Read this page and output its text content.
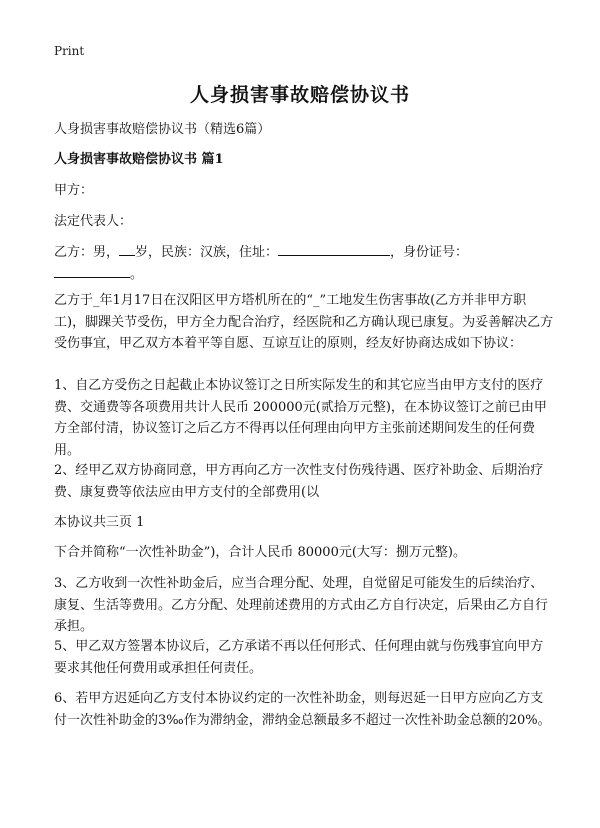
Print
人身损害事故赔偿协议书

人身损害事故赔偿协议书（精选6篇）

人身损害事故赔偿协议书 篇1

甲方：

法定代表人：

乙方：男， 岁，民族：汉族，住址：	，身份证号：
。

乙方于_年1月17日在汉阳区甲方塔机所在的“_”工地发生伤害事故(乙方并非甲方职工)，脚踝关节受伤，甲方全力配合治疗，经医院和乙方确认现已康复。为妥善解决乙方受伤事宜，甲乙双方本着平等自愿、互谅互让的原则，经友好协商达成如下协议：

1、自乙方受伤之日起截止本协议签订之日所实际发生的和其它应当由甲方支付的医疗费、交通费等各项费用共计人民币 200000元(贰拾万元整)，在本协议签订之前已由甲方全部付清，协议签订之后乙方不得再以任何理由向甲方主张前述期间发生的任何费用。

2、经甲乙双方协商同意，甲方再向乙方一次性支付伤残待遇、医疗补助金、后期治疗费、康复费等依法应由甲方支付的全部费用(以

本协议共三页 1

下合并简称“一次性补助金”)，合计人民币 80000元(大写：捌万元整)。

3、乙方收到一次性补助金后，应当合理分配、处理，自觉留足可能发生的后续治疗、康复、生活等费用。乙方分配、处理前述费用的方式由乙方自行决定，后果由乙方自行承担。

5、甲乙双方签署本协议后，乙方承诺不再以任何形式、任何理由就与伤残事宜向甲方要求其他任何费用或承担任何责任。

6、若甲方迟延向乙方支付本协议约定的一次性补助金，则每迟延一日甲方应向乙方支付一次性补助金的3‰作为滞纳金，滞纳金总额最多不超过一次性补助金总额的20%。
